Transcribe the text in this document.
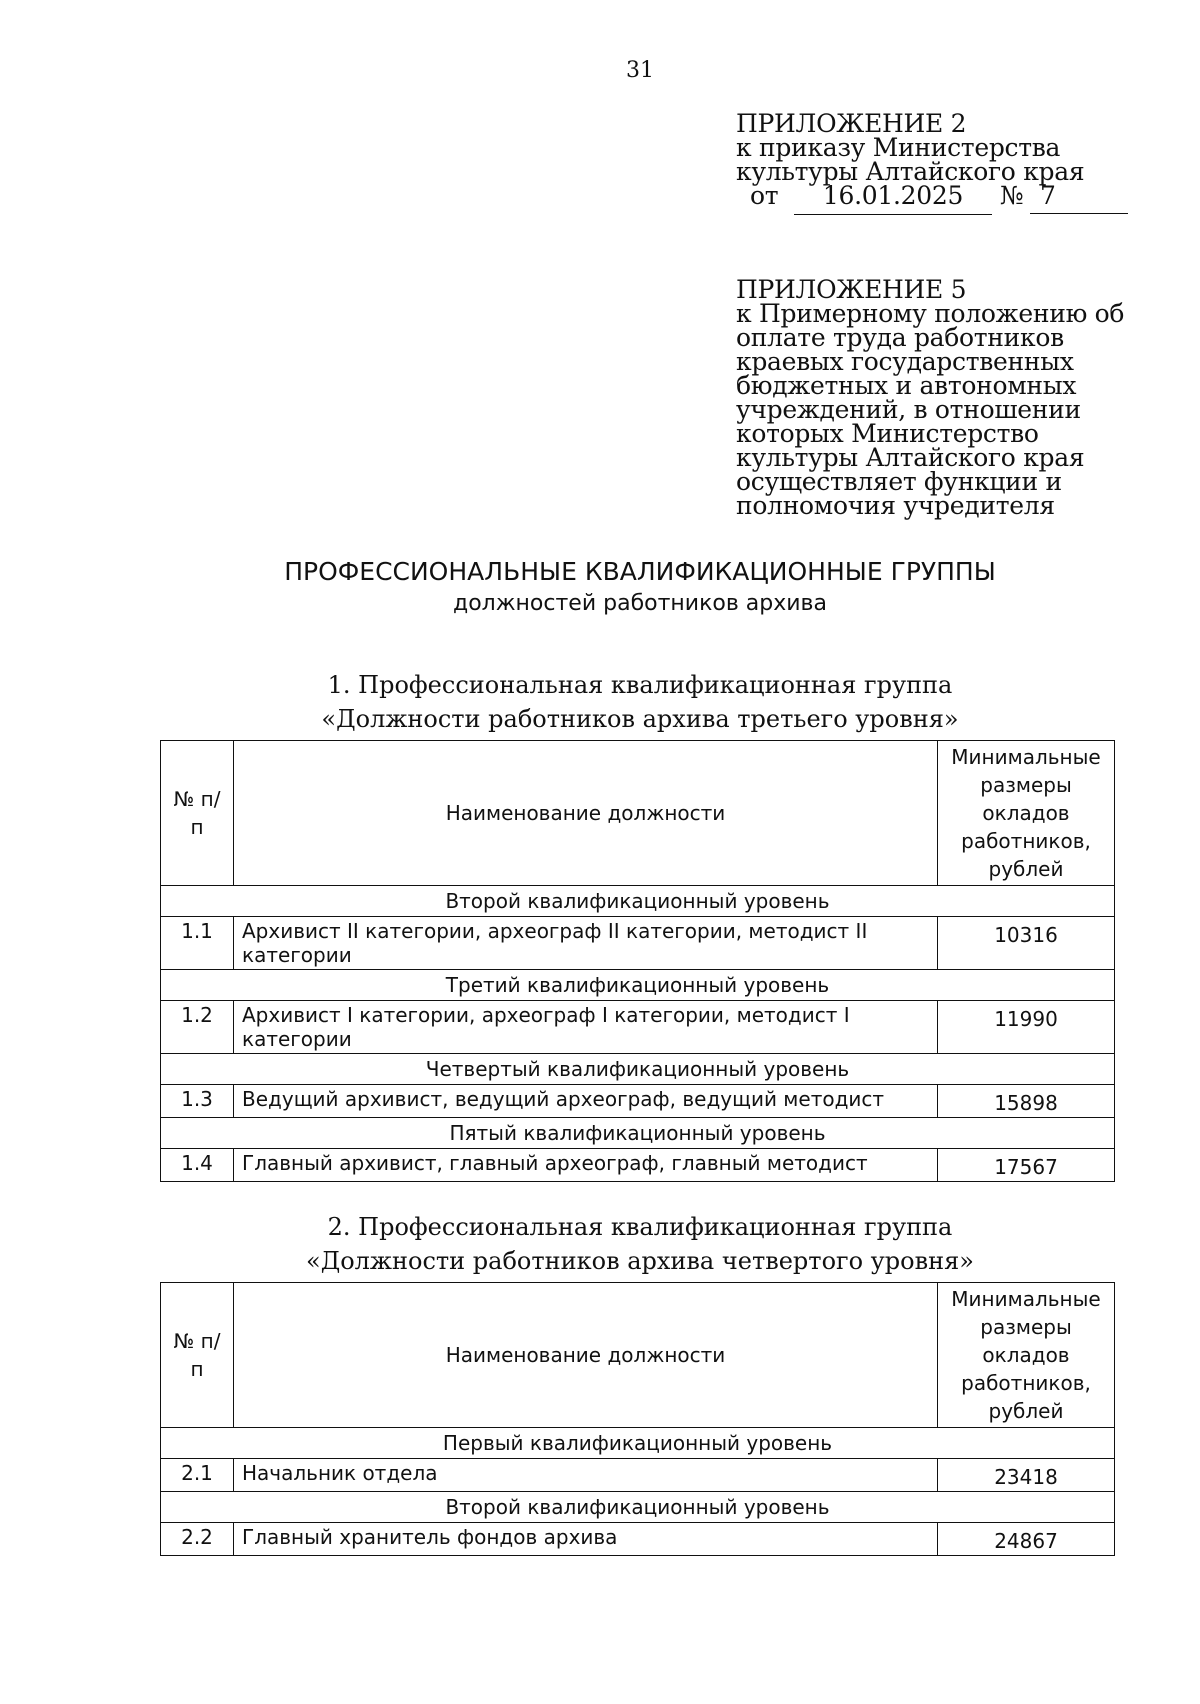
31
ПРИЛОЖЕНИЕ 2
к приказу Министерства
культуры Алтайского края
от	16.01.2025	№ 7
ПРИЛОЖЕНИЕ 5
к Примерному положению об
оплате труда работников
краевых государственных
бюджетных и автономных
учреждений, в отношении
которых Министерство
культуры Алтайского края
осуществляет функции и
полномочия учредителя
ПРОФЕССИОНАЛЬНЫЕ КВАЛИФИКАЦИОННЫЕ ГРУППЫ
должностей работников архива
1. Профессиональная квалификационная группа
«Должности работников архива третьего уровня»
№ п/п	Наименование должности	Минимальные размеры окладов работников, рублей
Второй квалификационный уровень		
1.1	Архивист II категории, археограф II категории, методист II категории	10316
Третий квалификационный уровень		
1.2	Архивист I категории, археограф I категории, методист I категории	11990
Четвертый квалификационный уровень		
1.3	Ведущий архивист, ведущий археограф, ведущий методист	15898
Пятый квалификационный уровень		
1.4	Главный архивист, главный археограф, главный методист	17567
2. Профессиональная квалификационная группа
«Должности работников архива четвертого уровня»
№ п/п	Наименование должности	Минимальные размеры окладов работников, рублей
Первый квалификационный уровень		
2.1	Начальник отдела	23418
Второй квалификационный уровень		
2.2	Главный хранитель фондов архива	24867
